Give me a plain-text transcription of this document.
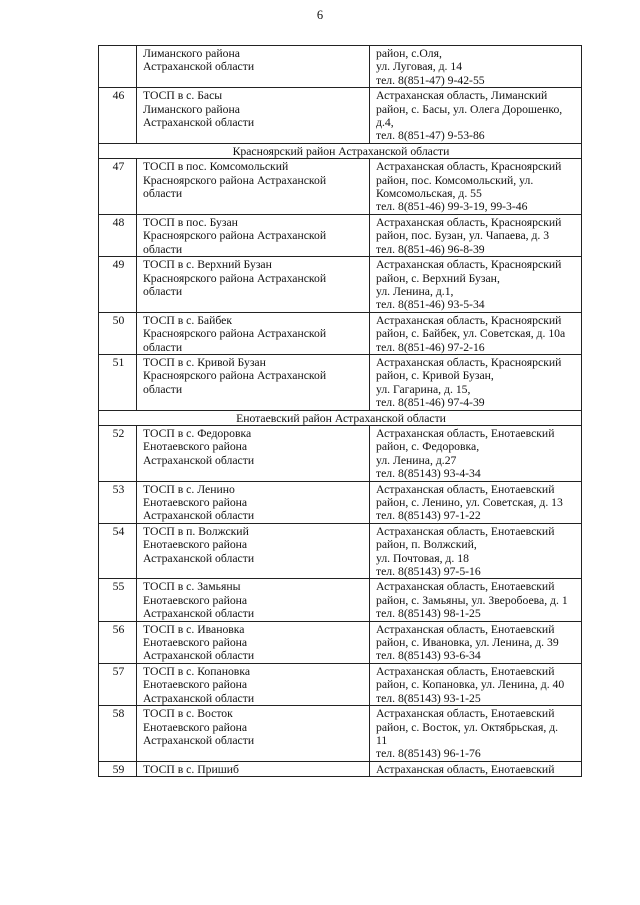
6

	Лиманского района
Астраханской области	район, с.Оля,
ул. Луговая, д. 14
тел. 8(851-47) 9-42-55

46	ТОСП в с. Басы
Лиманского района
Астраханской области	Астраханская область, Лиманский
район, с. Басы, ул. Олега Дорошенко,
д.4,
тел. 8(851-47) 9-53-86

Красноярский район Астраханской области		
47	ТОСП в пос. Комсомольский
Красноярского района Астраханской
области	Астраханская область, Красноярский
район, пос. Комсомольский, ул.
Комсомольская, д. 55
тел. 8(851-46) 99-3-19, 99-3-46

48	ТОСП в пос. Бузан
Красноярского района Астраханской
области	Астраханская область, Красноярский
район, пос. Бузан, ул. Чапаева, д. 3
тел. 8(851-46) 96-8-39

49	ТОСП в с. Верхний Бузан
Красноярского района Астраханской
области	Астраханская область, Красноярский
район, с. Верхний Бузан,
ул. Ленина, д.1,
тел. 8(851-46) 93-5-34

50	ТОСП в с. Байбек
Красноярского района Астраханской
области	Астраханская область, Красноярский
район, с. Байбек, ул. Советская, д. 10а
тел. 8(851-46) 97-2-16

51	ТОСП в с. Кривой Бузан
Красноярского района Астраханской
области	Астраханская область, Красноярский
район, с. Кривой Бузан,
ул. Гагарина, д. 15,
тел. 8(851-46) 97-4-39

Енотаевский район Астраханской области		
52	ТОСП в с. Федоровка
Енотаевского района
Астраханской области	Астраханская область, Енотаевский
район, с. Федоровка,
ул. Ленина, д.27
тел. 8(85143) 93-4-34

53	ТОСП в с. Ленино
Енотаевского района
Астраханской области	Астраханская область, Енотаевский
район, с. Ленино, ул. Советская, д. 13
тел. 8(85143) 97-1-22

54	ТОСП в п. Волжский
Енотаевского района
Астраханской области	Астраханская область, Енотаевский
район, п. Волжский,
ул. Почтовая, д. 18
тел. 8(85143) 97-5-16

55	ТОСП в с. Замьяны
Енотаевского района
Астраханской области	Астраханская область, Енотаевский
район, с. Замьяны, ул. Зверобоева, д. 1
тел. 8(85143) 98-1-25

56	ТОСП в с. Ивановка
Енотаевского района
Астраханской области	Астраханская область, Енотаевский
район, с. Ивановка, ул. Ленина, д. 39
тел. 8(85143) 93-6-34

57	ТОСП в с. Копановка
Енотаевского района
Астраханской области	Астраханская область, Енотаевский
район, с. Копановка, ул. Ленина, д. 40
тел. 8(85143) 93-1-25

58	ТОСП в с. Восток
Енотаевского района
Астраханской области	Астраханская область, Енотаевский
район, с. Восток, ул. Октябрьская, д.
11
тел. 8(85143) 96-1-76

59	ТОСП в с. Пришиб	Астраханская область, Енотаевский
